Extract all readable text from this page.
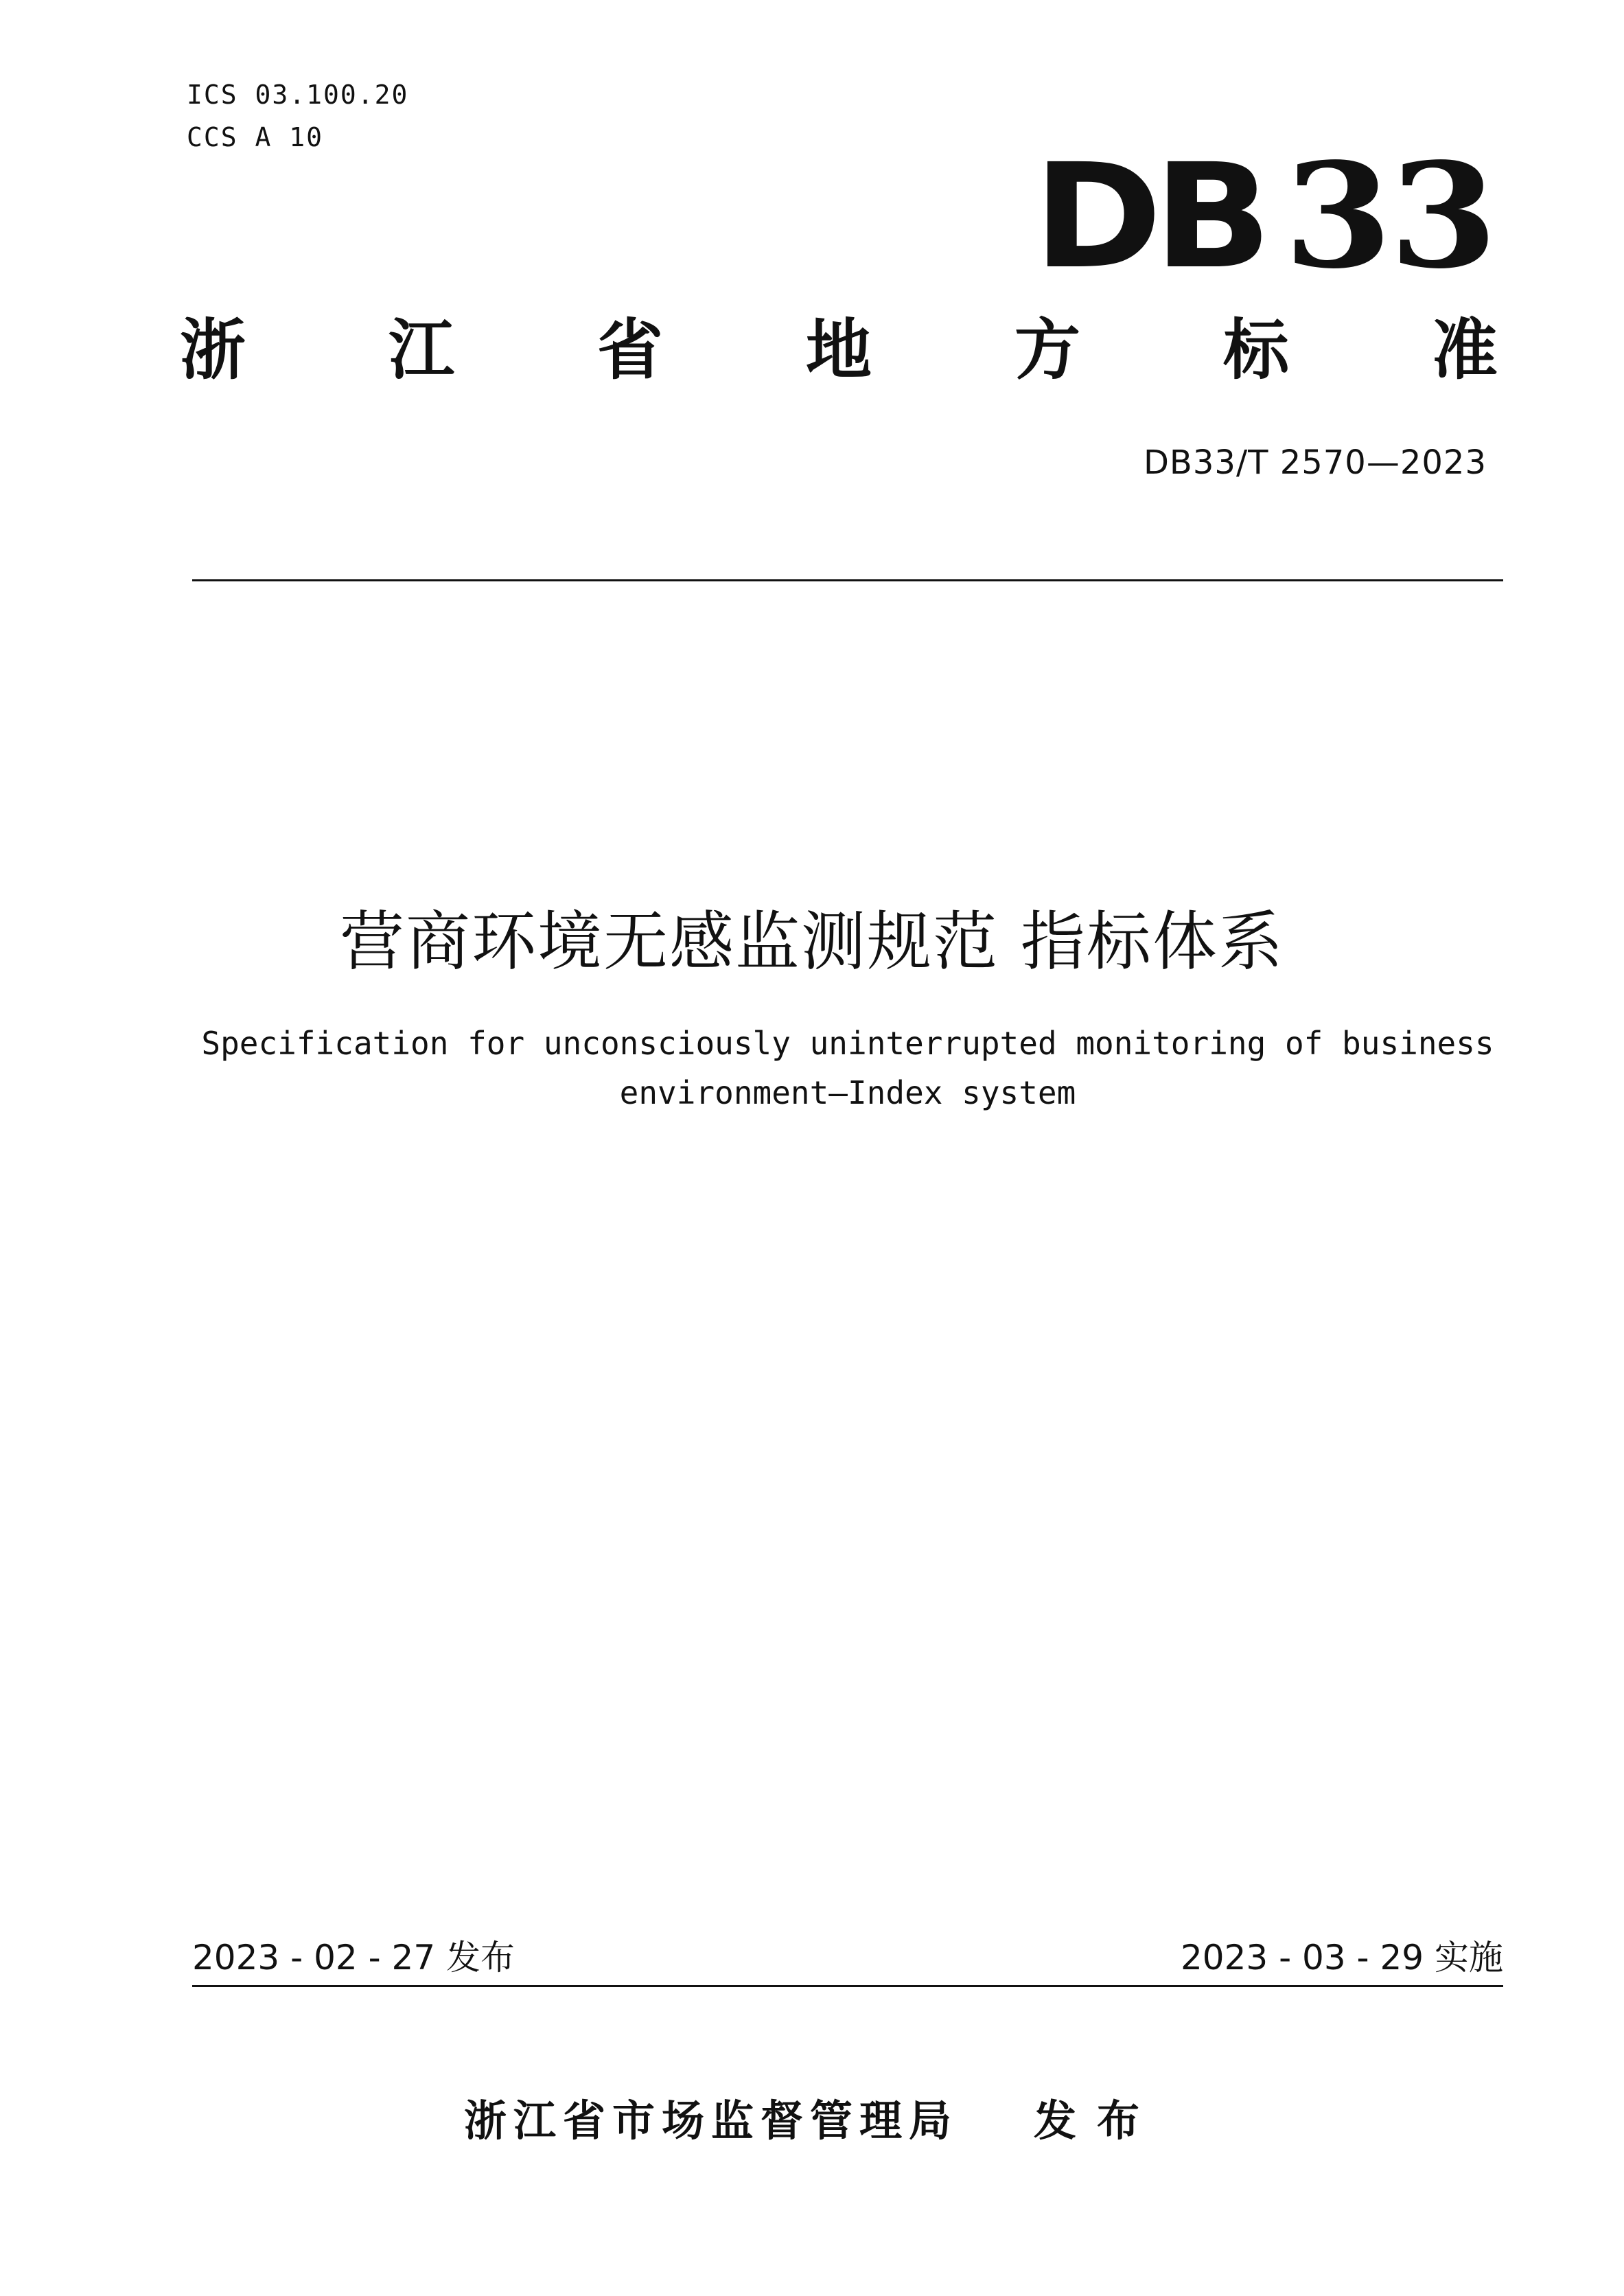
ICS 03.100.20
CCS A 10	DB 33
浙 江 省 地 方 标 准
DB33/T 2570—2023
营商环境无感监测规范 指标体系
Specification for unconsciously uninterrupted monitoring of business
environment—Index system
2023 - 02 - 27 发布	2023 - 03 - 29 实施
浙江省市场监督管理局 发布
